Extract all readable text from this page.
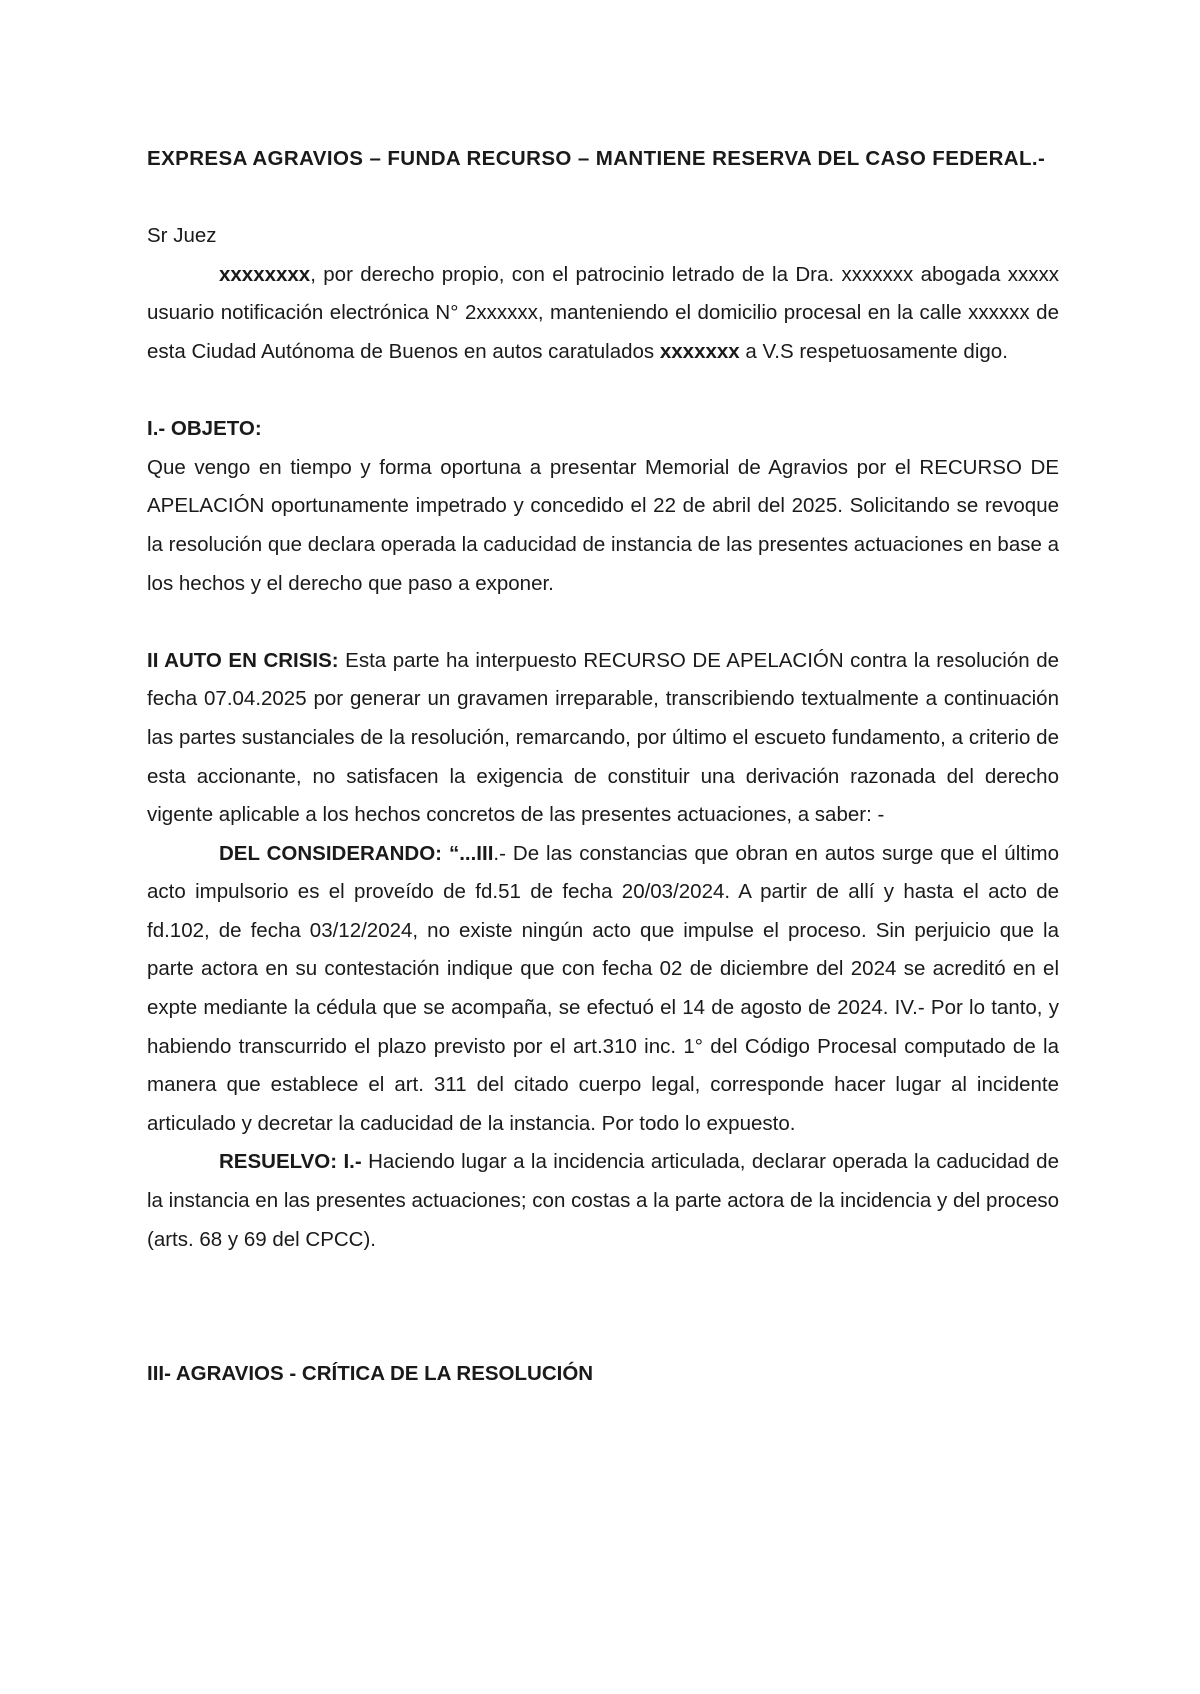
EXPRESA AGRAVIOS – FUNDA RECURSO – MANTIENE RESERVA DEL CASO FEDERAL.-

Sr Juez

xxxxxxxx, por derecho propio, con el patrocinio letrado de la Dra. xxxxxxx abogada xxxxx usuario notificación electrónica N° 2xxxxxx, manteniendo el domicilio procesal en la calle xxxxxx de esta Ciudad Autónoma de Buenos en autos caratulados xxxxxxx a V.S respetuosamente digo.

I.- OBJETO:

Que vengo en tiempo y forma oportuna a presentar Memorial de Agravios por el RECURSO DE APELACIÓN oportunamente impetrado y concedido el 22 de abril del 2025. Solicitando se revoque la resolución que declara operada la caducidad de instancia de las presentes actuaciones en base a los hechos y el derecho que paso a exponer.

II AUTO EN CRISIS: Esta parte ha interpuesto RECURSO DE APELACIÓN contra la resolución de fecha 07.04.2025 por generar un gravamen irreparable, transcribiendo textualmente a continuación las partes sustanciales de la resolución, remarcando, por último el escueto fundamento, a criterio de esta accionante, no satisfacen la exigencia de constituir una derivación razonada del derecho vigente aplicable a los hechos concretos de las presentes actuaciones, a saber: -

DEL CONSIDERANDO: “...III.- De las constancias que obran en autos surge que el último acto impulsorio es el proveído de fd.51 de fecha 20/03/2024. A partir de allí y hasta el acto de fd.102, de fecha 03/12/2024, no existe ningún acto que impulse el proceso. Sin perjuicio que la parte actora en su contestación indique que con fecha 02 de diciembre del 2024 se acreditó en el expte mediante la cédula que se acompaña, se efectuó el 14 de agosto de 2024. IV.- Por lo tanto, y habiendo transcurrido el plazo previsto por el art.310 inc. 1° del Código Procesal computado de la manera que establece el art. 311 del citado cuerpo legal, corresponde hacer lugar al incidente articulado y decretar la caducidad de la instancia. Por todo lo expuesto.

RESUELVO: I.- Haciendo lugar a la incidencia articulada, declarar operada la caducidad de la instancia en las presentes actuaciones; con costas a la parte actora de la incidencia y del proceso (arts. 68 y 69 del CPCC).

III- AGRAVIOS - CRÍTICA DE LA RESOLUCIÓN
